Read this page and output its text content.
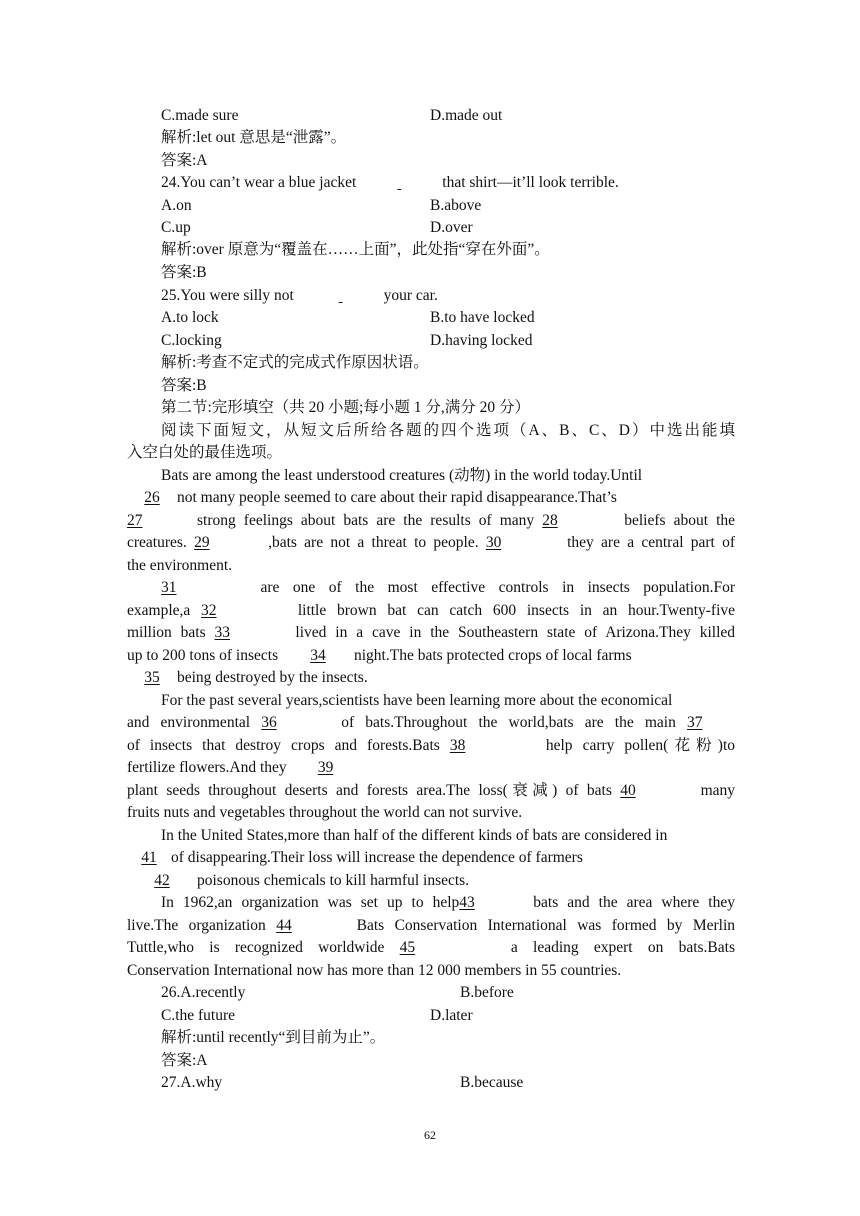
C.made sure	D.made out
解析:let out 意思是“泄露”。
答案:A
24.You can’t wear a blue jacket	that shirt—it’ll look terrible.
A.on	B.above
C.up	D.over
解析:over 原意为“覆盖在……上面”，此处指“穿在外面”。
答案:B
25.You were silly not	your car.
A.to lock	B.to have locked
C.locking	D.having locked
解析:考查不定式的完成式作原因状语。
答案:B
第二节:完形填空（共 20 小题;每小题 1 分,满分 20 分）
阅读下面短文，从短文后所给各题的四个选项（A、B、C、D）中选出能填
入空白处的最佳选项。
Bats are among the least understood creatures (动物) in the world today.Until
26 not many people seemed to care about their rapid disappearance.That’s
27	strong feelings about bats are the results of many 28	beliefs about the
creatures. 29	,bats are not a threat to people. 30	they are a central part of
the environment.
31	are one of the most effective controls in insects population.For
example,a 32	little brown bat can catch 600 insects in an hour.Twenty-five
million bats 33	lived in a cave in the Southeastern state of Arizona.They killed
up to 200 tons of insects 34 night.The bats protected crops of local farms
35 being destroyed by the insects.
For the past several years,scientists have been learning more about the economical
and environmental 36	of bats.Throughout the world,bats are the main 37
of insects that destroy crops and forests.Bats 38	help carry pollen(花粉)to
fertilize flowers.And they 39
plant seeds throughout deserts and forests area.The loss(衰减) of bats 40	many
fruits nuts and vegetables throughout the world can not survive.
In the United States,more than half of the different kinds of bats are considered in
41 of disappearing.Their loss will increase the dependence of farmers
42 poisonous chemicals to kill harmful insects.
In 1962,an organization was set up to help43	bats and the area where they
live.The organization 44	Bats Conservation International was formed by Merlin
Tuttle,who is recognized worldwide 45	a leading expert on bats.Bats
Conservation International now has more than 12 000 members in 55 countries.
26.A.recently	B.before
C.the future	D.later
解析:until recently“到目前为止”。
答案:A
27.A.why	B.because
62
